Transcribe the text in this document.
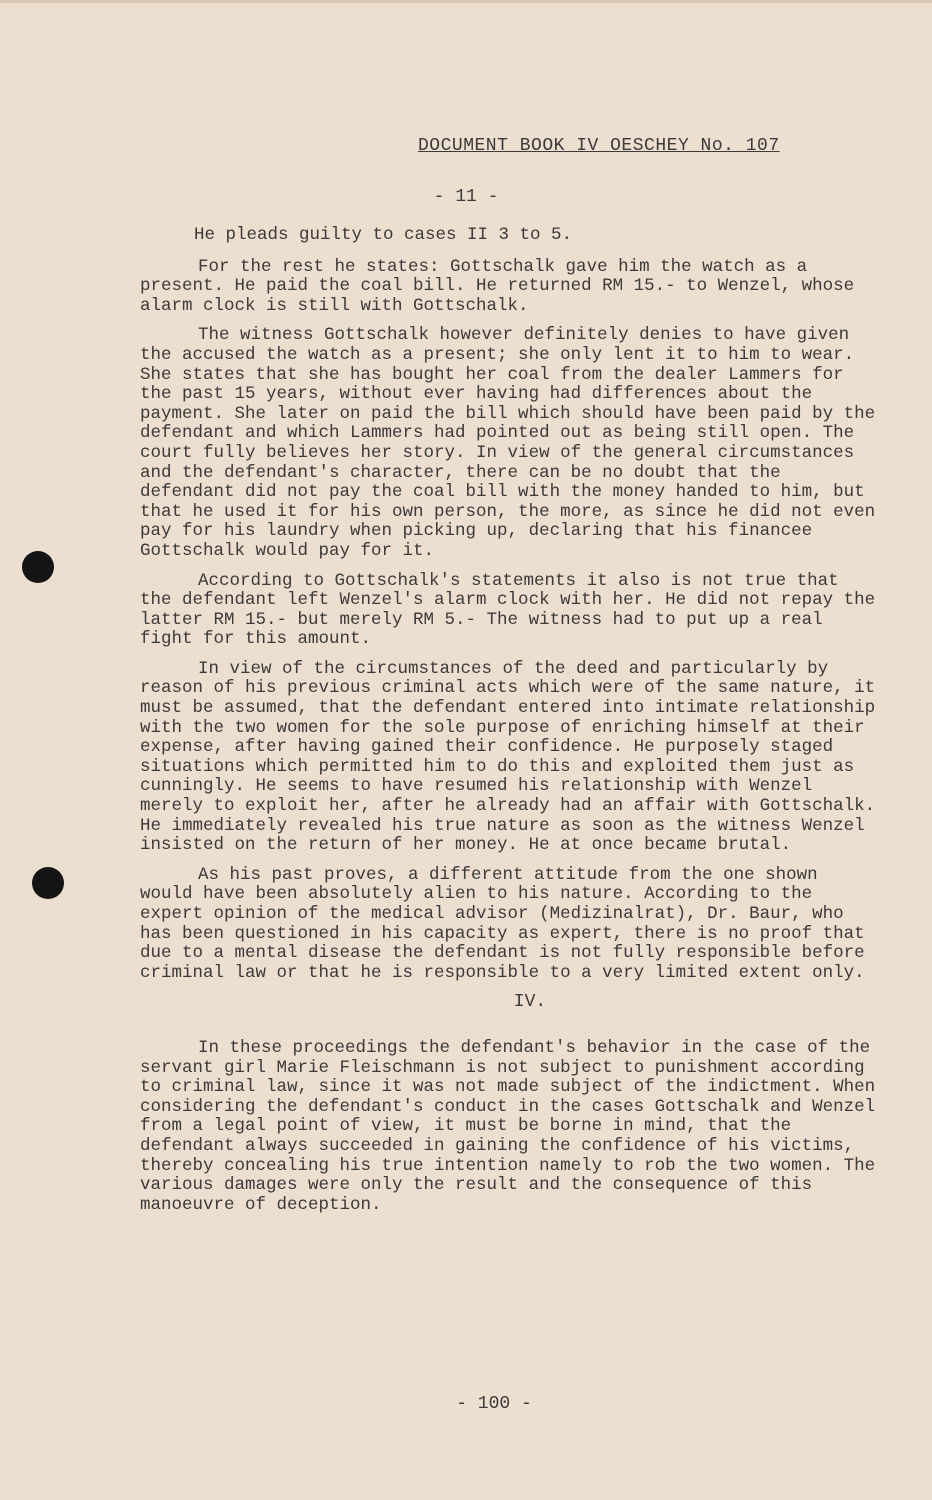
DOCUMENT BOOK IV OESCHEY No. 107
- 11 -

He pleads guilty to cases II 3 to 5.

For the rest he states: Gottschalk gave him the watch as a present. He paid the coal bill. He returned RM 15.- to Wenzel, whose alarm clock is still with Gottschalk.

The witness Gottschalk however definitely denies to have given the accused the watch as a present; she only lent it to him to wear. She states that she has bought her coal from the dealer Lammers for the past 15 years, without ever having had differences about the payment. She later on paid the bill which should have been paid by the defendant and which Lammers had pointed out as being still open. The court fully believes her story. In view of the general circumstances and the defendant's character, there can be no doubt that the defendant did not pay the coal bill with the money handed to him, but that he used it for his own person, the more, as since he did not even pay for his laundry when picking up, declaring that his financee Gottschalk would pay for it.

According to Gottschalk's statements it also is not true that the defendant left Wenzel's alarm clock with her. He did not repay the latter RM 15.- but merely RM 5.- The witness had to put up a real fight for this amount.

In view of the circumstances of the deed and particularly by reason of his previous criminal acts which were of the same nature, it must be assumed, that the defendant entered into intimate relationship with the two women for the sole purpose of enriching himself at their expense, after having gained their confidence. He purposely staged situations which permitted him to do this and exploited them just as cunningly. He seems to have resumed his relationship with Wenzel merely to exploit her, after he already had an affair with Gottschalk. He immediately revealed his true nature as soon as the witness Wenzel insisted on the return of her money. He at once became brutal.

As his past proves, a different attitude from the one shown would have been absolutely alien to his nature. According to the expert opinion of the medical advisor (Medizinalrat), Dr. Baur, who has been questioned in his capacity as expert, there is no proof that due to a mental disease the defendant is not fully responsible before criminal law or that he is responsible to a very limited extent only.

IV.

In these proceedings the defendant's behavior in the case of the servant girl Marie Fleischmann is not subject to punishment according to criminal law, since it was not made subject of the indictment. When considering the defendant's conduct in the cases Gottschalk and Wenzel from a legal point of view, it must be borne in mind, that the defendant always succeeded in gaining the confidence of his victims, thereby concealing his true intention namely to rob the two women. The various damages were only the result and the consequence of this manoeuvre of deception.

- 100 -
